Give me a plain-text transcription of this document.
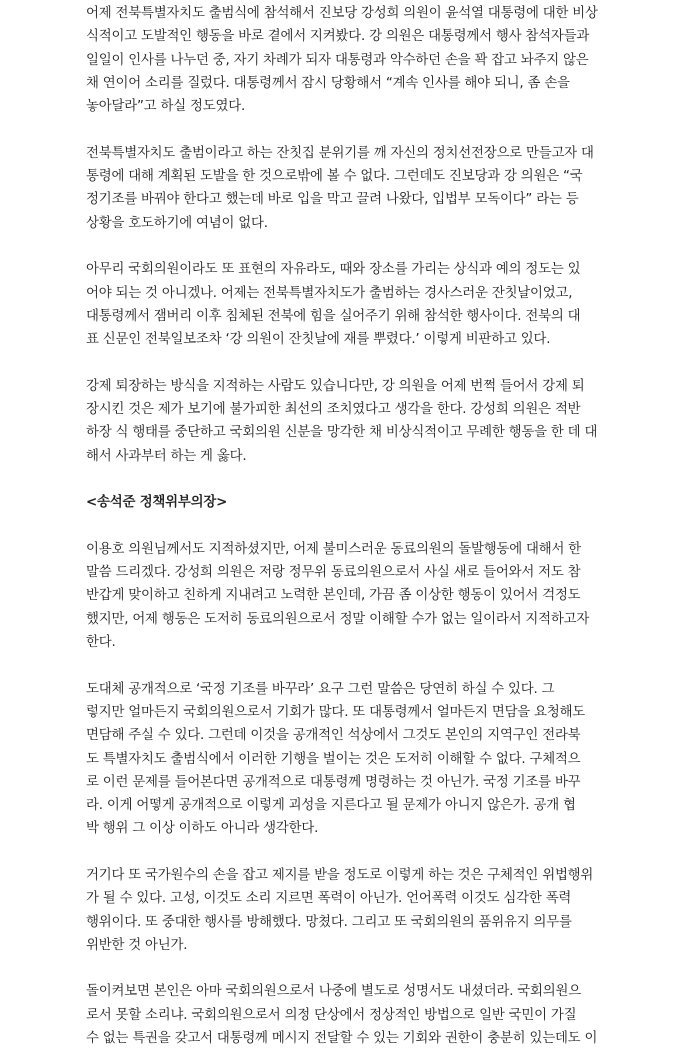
어제 전북특별자치도 출범식에 참석해서 진보당 강성희 의원이 윤석열 대통령에 대한 비상
식적이고 도발적인 행동을 바로 곁에서 지켜봤다. 강 의원은 대통령께서 행사 참석자들과
일일이 인사를 나누던 중, 자기 차례가 되자 대통령과 악수하던 손을 꽉 잡고 놔주지 않은
채 연이어 소리를 질렀다. 대통령께서 잠시 당황해서 “계속 인사를 해야 되니, 좀 손을
놓아달라”고 하실 정도였다.

전북특별자치도 출범이라고 하는 잔칫집 분위기를 깨 자신의 정치선전장으로 만들고자 대
통령에 대해 계획된 도발을 한 것으로밖에 볼 수 없다. 그런데도 진보당과 강 의원은 “국
정기조를 바꿔야 한다고 했는데 바로 입을 막고 끌려 나왔다, 입법부 모독이다” 라는 등
상황을 호도하기에 여념이 없다.

아무리 국회의원이라도 또 표현의 자유라도, 때와 장소를 가리는 상식과 예의 정도는 있
어야 되는 것 아니겠나. 어제는 전북특별자치도가 출범하는 경사스러운 잔칫날이었고,
대통령께서 잼버리 이후 침체된 전북에 힘을 실어주기 위해 참석한 행사이다. 전북의 대
표 신문인 전북일보조차 ‘강 의원이 잔칫날에 재를 뿌렸다.’ 이렇게 비판하고 있다.

강제 퇴장하는 방식을 지적하는 사람도 있습니다만, 강 의원을 어제 번쩍 들어서 강제 퇴
장시킨 것은 제가 보기에 불가피한 최선의 조치였다고 생각을 한다. 강성희 의원은 적반
하장 식 행태를 중단하고 국회의원 신분을 망각한 채 비상식적이고 무례한 행동을 한 데 대
해서 사과부터 하는 게 옳다.

<송석준 정책위부의장>

이용호 의원님께서도 지적하셨지만, 어제 불미스러운 동료의원의 돌발행동에 대해서 한
말씀 드리겠다. 강성희 의원은 저랑 정무위 동료의원으로서 사실 새로 들어와서 저도 참
반갑게 맞이하고 친하게 지내려고 노력한 본인데, 가끔 좀 이상한 행동이 있어서 걱정도
했지만, 어제 행동은 도저히 동료의원으로서 정말 이해할 수가 없는 일이라서 지적하고자
한다.

도대체 공개적으로 ‘국정 기조를 바꾸라’ 요구 그런 말씀은 당연히 하실 수 있다. 그
렇지만 얼마든지 국회의원으로서 기회가 많다. 또 대통령께서 얼마든지 면담을 요청해도
면담해 주실 수 있다. 그런데 이것을 공개적인 석상에서 그것도 본인의 지역구인 전라북
도 특별자치도 출범식에서 이러한 기행을 벌이는 것은 도저히 이해할 수 없다. 구체적으
로 이런 문제를 들어본다면 공개적으로 대통령께 명령하는 것 아닌가. 국정 기조를 바꾸
라. 이게 어떻게 공개적으로 이렇게 괴성을 지른다고 될 문제가 아니지 않은가. 공개 협
박 행위 그 이상 이하도 아니라 생각한다.

거기다 또 국가원수의 손을 잡고 제지를 받을 정도로 이렇게 하는 것은 구체적인 위법행위
가 될 수 있다. 고성, 이것도 소리 지르면 폭력이 아닌가. 언어폭력 이것도 심각한 폭력
행위이다. 또 중대한 행사를 방해했다. 망쳤다. 그리고 또 국회의원의 품위유지 의무를
위반한 것 아닌가.

돌이켜보면 본인은 아마 국회의원으로서 나중에 별도로 성명서도 내셨더라. 국회의원으
로서 못할 소리냐. 국회의원으로서 의정 단상에서 정상적인 방법으로 일반 국민이 가질
수 없는 특권을 갖고서 대통령께 메시지 전달할 수 있는 기회와 권한이 충분히 있는데도 이
